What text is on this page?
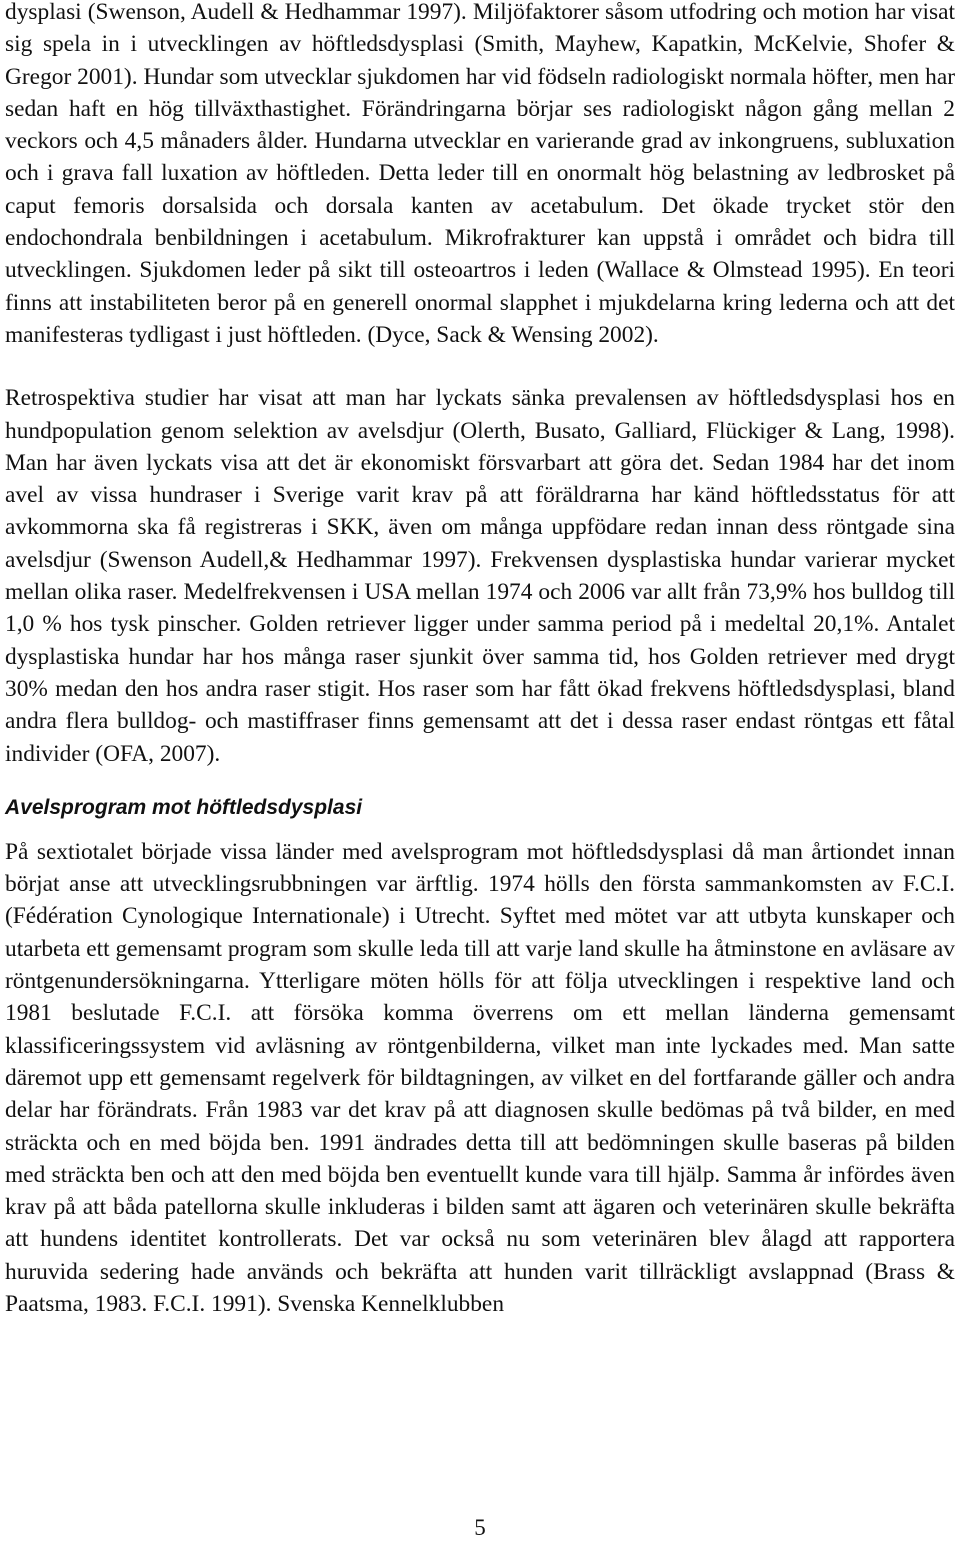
dysplasi (Swenson, Audell & Hedhammar 1997). Miljöfaktorer såsom utfodring och motion har visat sig spela in i utvecklingen av höftledsdysplasi (Smith, Mayhew, Kapatkin, McKelvie, Shofer & Gregor 2001). Hundar som utvecklar sjukdomen har vid födseln radiologiskt normala höfter, men har sedan haft en hög tillväxthastighet. Förändringarna börjar ses radiologiskt någon gång mellan 2 veckors och 4,5 månaders ålder. Hundarna utvecklar en varierande grad av inkongruens, subluxation och i grava fall luxation av höftleden. Detta leder till en onormalt hög belastning av ledbrosket på caput femoris dorsalsida och dorsala kanten av acetabulum. Det ökade trycket stör den endochondrala benbildningen i acetabulum. Mikrofrakturer kan uppstå i området och bidra till utvecklingen. Sjukdomen leder på sikt till osteoartros i leden (Wallace & Olmstead 1995). En teori finns att instabiliteten beror på en generell onormal slapphet i mjukdelarna kring lederna och att det manifesteras tydligast i just höftleden. (Dyce, Sack & Wensing 2002).

Retrospektiva studier har visat att man har lyckats sänka prevalensen av höftledsdysplasi hos en hundpopulation genom selektion av avelsdjur (Olerth, Busato, Galliard, Flückiger & Lang, 1998). Man har även lyckats visa att det är ekonomiskt försvarbart att göra det. Sedan 1984 har det inom avel av vissa hundraser i Sverige varit krav på att föräldrarna har känd höftledsstatus för att avkommorna ska få registreras i SKK, även om många uppfödare redan innan dess röntgade sina avelsdjur (Swenson Audell,& Hedhammar 1997). Frekvensen dysplastiska hundar varierar mycket mellan olika raser. Medelfrekvensen i USA mellan 1974 och 2006 var allt från 73,9% hos bulldog till 1,0 % hos tysk pinscher. Golden retriever ligger under samma period på i medeltal 20,1%. Antalet dysplastiska hundar har hos många raser sjunkit över samma tid, hos Golden retriever med drygt 30% medan den hos andra raser stigit. Hos raser som har fått ökad frekvens höftledsdysplasi, bland andra flera bulldog- och mastiffraser finns gemensamt att det i dessa raser endast röntgas ett fåtal individer (OFA, 2007).

Avelsprogram mot höftledsdysplasi

På sextiotalet började vissa länder med avelsprogram mot höftledsdysplasi då man årtiondet innan börjat anse att utvecklingsrubbningen var ärftlig. 1974 hölls den första sammankomsten av F.C.I. (Fédération Cynologique Internationale) i Utrecht. Syftet med mötet var att utbyta kunskaper och utarbeta ett gemensamt program som skulle leda till att varje land skulle ha åtminstone en avläsare av röntgenundersökningarna. Ytterligare möten hölls för att följa utvecklingen i respektive land och 1981 beslutade F.C.I. att försöka komma överrens om ett mellan länderna gemensamt klassificeringssystem vid avläsning av röntgenbilderna, vilket man inte lyckades med. Man satte däremot upp ett gemensamt regelverk för bildtagningen, av vilket en del fortfarande gäller och andra delar har förändrats. Från 1983 var det krav på att diagnosen skulle bedömas på två bilder, en med sträckta och en med böjda ben. 1991 ändrades detta till att bedömningen skulle baseras på bilden med sträckta ben och att den med böjda ben eventuellt kunde vara till hjälp. Samma år infördes även krav på att båda patellorna skulle inkluderas i bilden samt att ägaren och veterinären skulle bekräfta att hundens identitet kontrollerats. Det var också nu som veterinären blev ålagd att rapportera huruvida sedering hade används och bekräfta att hunden varit tillräckligt avslappnad (Brass & Paatsma, 1983. F.C.I. 1991). Svenska Kennelklubben

5
